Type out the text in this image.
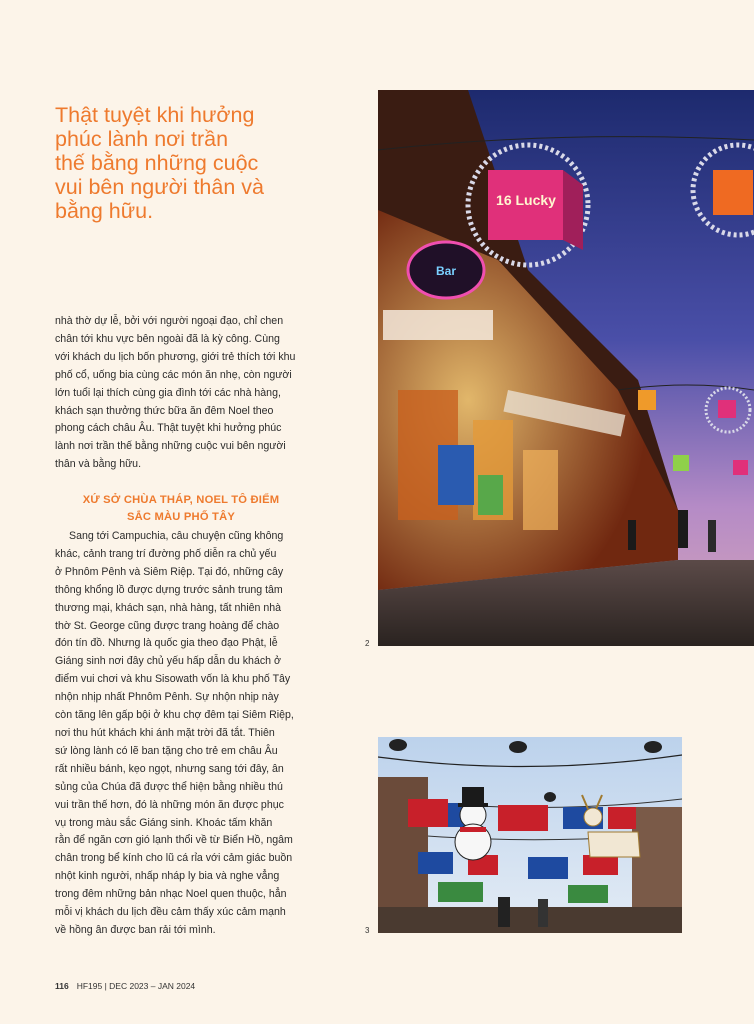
Thật tuyệt khi hưởng
phúc lành nơi trần
thế bằng những cuộc
vui bên người thân và
bằng hữu.
nhà thờ dự lễ, bởi với người ngoại đạo, chỉ chen
chân tới khu vực bên ngoài đã là kỳ công. Cùng
với khách du lịch bốn phương, giới trẻ thích tới khu
phố cổ, uống bia cùng các món ăn nhẹ, còn người
lớn tuổi lại thích cùng gia đình tới các nhà hàng,
khách sạn thưởng thức bữa ăn đêm Noel theo
phong cách châu Âu. Thật tuyệt khi hưởng phúc
lành nơi trần thế bằng những cuộc vui bên người
thân và bằng hữu.
XỨ SỞ CHÙA THÁP, NOEL TÔ ĐIỂM
SẮC MÀU PHỐ TÂY
Sang tới Campuchia, câu chuyện cũng không
khác, cảnh trang trí đường phố diễn ra chủ yếu
ở Phnôm Pênh và Siêm Riệp. Tại đó, những cây
thông khổng lồ được dựng trước sảnh trung tâm
thương mại, khách sạn, nhà hàng, tất nhiên nhà
thờ St. George cũng được trang hoàng để chào
đón tín đồ. Nhưng là quốc gia theo đạo Phật, lễ
Giáng sinh nơi đây chủ yếu hấp dẫn du khách ở
điểm vui chơi và khu Sisowath vốn là khu phố Tây
nhộn nhịp nhất Phnôm Pênh. Sự nhộn nhịp này
còn tăng lên gấp bội ở khu chợ đêm tại Siêm Riệp,
nơi thu hút khách khi ánh mặt trời đã tắt. Thiên
sứ lòng lành có lẽ ban tặng cho trẻ em châu Âu
rất nhiều bánh, kẹo ngọt, nhưng sang tới đây, ân
sủng của Chúa đã được thể hiện bằng nhiều thú
vui trần thế hơn, đó là những món ăn được phục
vụ trong màu sắc Giáng sinh. Khoác tấm khăn
rằn để ngăn cơn gió lạnh thổi về từ Biển Hồ, ngâm
chân trong bể kính cho lũ cá rỉa với cảm giác buồn
nhột kinh người, nhấp nháp ly bia và nghe vẳng
trong đêm những bản nhạc Noel quen thuộc, hẳn
mỗi vị khách du lịch đều cảm thấy xúc cảm mạnh
về hồng ân được ban rải tới mình.
16 Lucky
Bar
2
3
116 HF195 | DEC 2023 – JAN 2024
